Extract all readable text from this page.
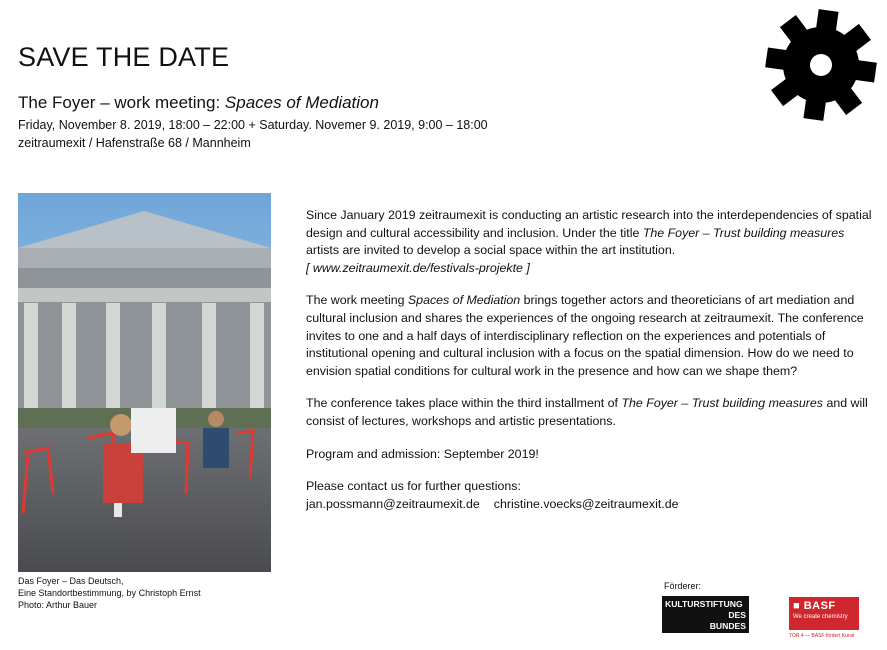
SAVE THE DATE
The Foyer – work meeting: Spaces of Mediation
Friday, November 8. 2019, 18:00 – 22:00 + Saturday. Novemer 9. 2019, 9:00 – 18:00
zeitraumexit / Hafenstraße 68 / Mannheim
Das Foyer – Das Deutsch,
Eine Standortbestimmung, by Christoph Ernst
Photo: Arthur Bauer

Since January 2019 zeitraumexit is conducting an artistic research into the interdependencies of spatial design and cultural accessibility and inclusion. Under the title The Foyer – Trust building measures artists are invited to develop a social space within the art institution.
[ www.zeitraumexit.de/festivals-projekte ]

The work meeting Spaces of Mediation brings together actors and theoreticians of art mediation and cultural inclusion and shares the experiences of the ongoing research at zeitraumexit. The conference invites to one and a half days of interdisciplinary reflection on the experiences and potentials of institutional opening and cultural inclusion with a focus on the spatial dimension. How do we need to envision spatial conditions for cultural work in the presence and how can we shape them?

The conference takes place within the third installment of The Foyer – Trust building measures and will consist of lectures, workshops and artistic presentations.

Program and admission: September 2019!

Please contact us for further questions:
jan.possmann@zeitraumexit.de christine.voecks@zeitraumexit.de

Förderer:
KULTURSTIFTUNG
DES
BUNDES
■ BASF
We create chemistry
TOR 4 — BASF fördert Kunst
